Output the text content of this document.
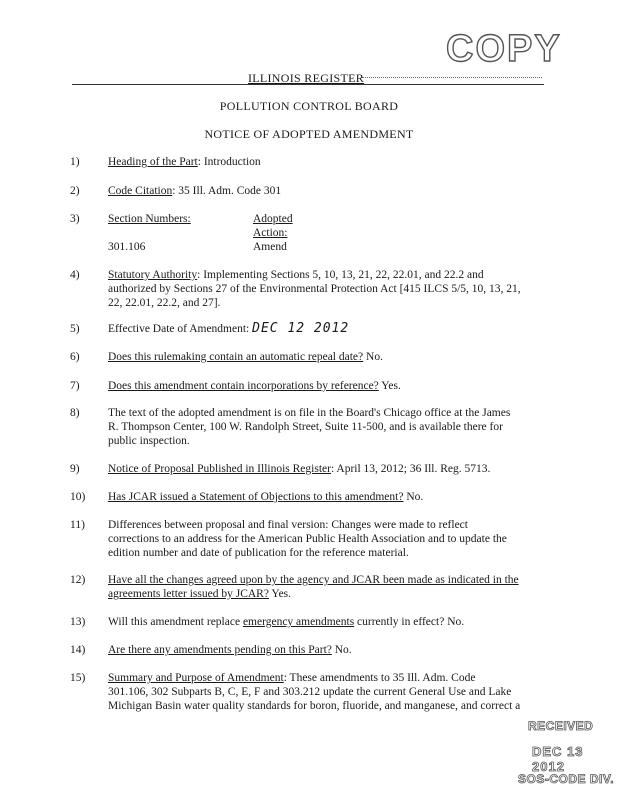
COPY
ILLINOIS REGISTER
POLLUTION CONTROL BOARD
NOTICE OF ADOPTED AMENDMENT
1)	Heading of the Part: Introduction
2)	Code Citation: 35 Ill. Adm. Code 301
3)	Section Numbers:	Adopted Action:
301.106	Amend
4)	Statutory Authority: Implementing Sections 5, 10, 13, 21, 22, 22.01, and 22.2 and
authorized by Sections 27 of the Environmental Protection Act [415 ILCS 5/5, 10, 13, 21,
22, 22.01, 22.2, and 27].
5)	Effective Date of Amendment: DEC 12 2012
6)	Does this rulemaking contain an automatic repeal date? No.
7)	Does this amendment contain incorporations by reference? Yes.
8)	The text of the adopted amendment is on file in the Board's Chicago office at the James
R. Thompson Center, 100 W. Randolph Street, Suite 11-500, and is available there for
public inspection.
9)	Notice of Proposal Published in Illinois Register: April 13, 2012; 36 Ill. Reg. 5713.
10)	Has JCAR issued a Statement of Objections to this amendment? No.
11)	Differences between proposal and final version: Changes were made to reflect
corrections to an address for the American Public Health Association and to update the
edition number and date of publication for the reference material.
12)	Have all the changes agreed upon by the agency and JCAR been made as indicated in the
agreements letter issued by JCAR? Yes.
13)	Will this amendment replace emergency amendments currently in effect? No.
14)	Are there any amendments pending on this Part? No.
15)	Summary and Purpose of Amendment: These amendments to 35 Ill. Adm. Code
301.106, 302 Subparts B, C, E, F and 303.212 update the current General Use and Lake
Michigan Basin water quality standards for boron, fluoride, and manganese, and correct a
RECEIVED
DEC 13 2012
SOS-CODE DIV.
